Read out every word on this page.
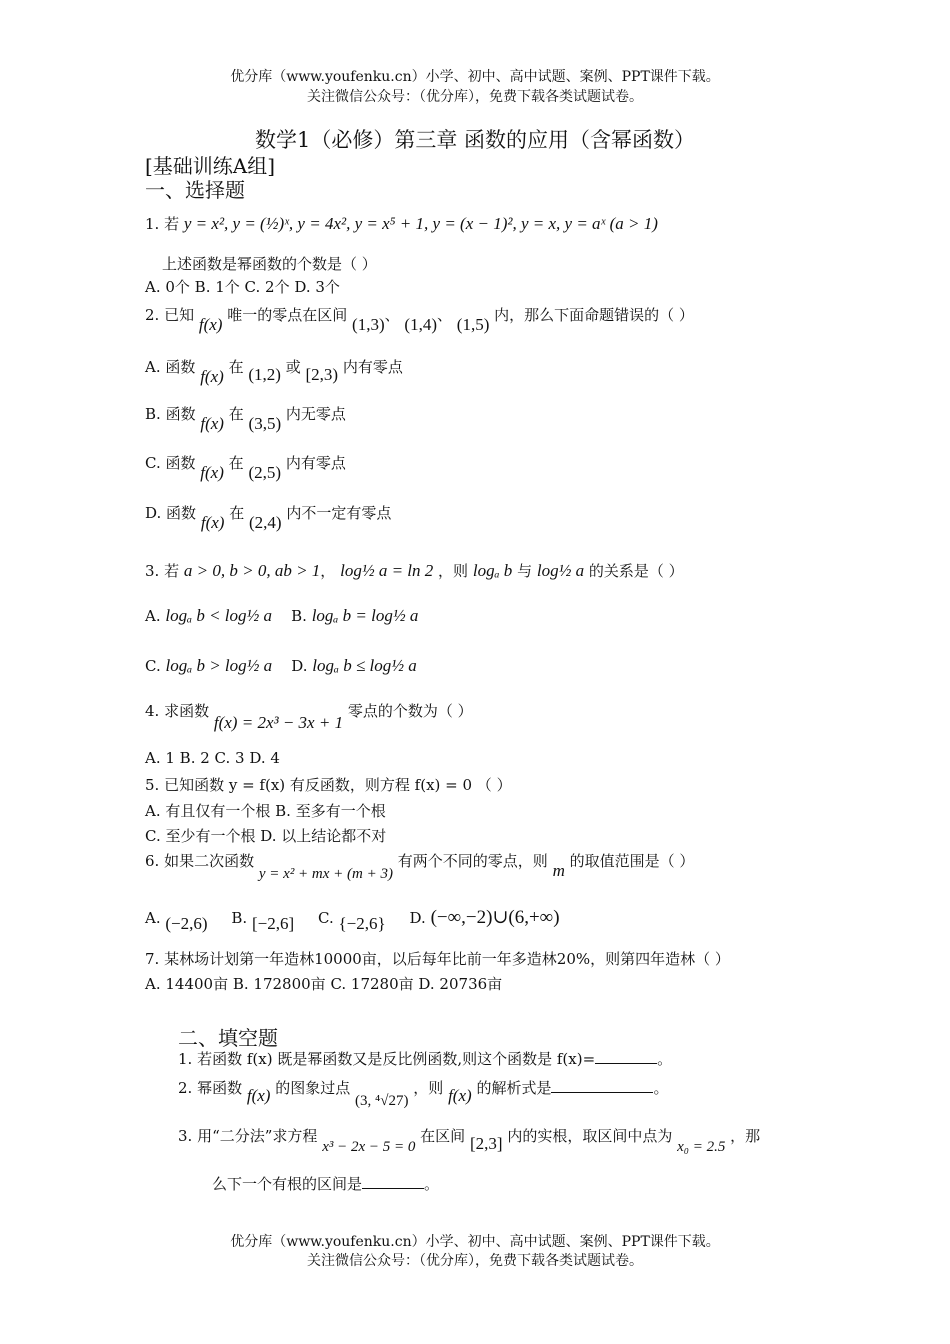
优分库（www.youfenku.cn）小学、初中、高中试题、案例、PPT课件下载。
关注微信公众号：（优分库），免费下载各类试题试卷。
数学1（必修）第三章 函数的应用（含幂函数）
[基础训练A组]
一、选择题
1. 若 y = x², y = (½)ˣ, y = 4x², y = x⁵ + 1, y = (x − 1)², y = x, y = aˣ (a > 1)
上述函数是幂函数的个数是（ ）
A. 0个 B. 1个 C. 2个 D. 3个
2. 已知 f(x) 唯一的零点在区间 (1,3)、 (1,4)、 (1,5) 内，那么下面命题错误的（ ）
A. 函数 f(x) 在 (1,2) 或 [2,3) 内有零点
B. 函数 f(x) 在 (3,5) 内无零点
C. 函数 f(x) 在 (2,5) 内有零点
D. 函数 f(x) 在 (2,4) 内不一定有零点
3. 若 a > 0, b > 0, ab > 1， log½ a = ln 2 ，则 logₐ b 与 log½ a 的关系是（ ）
A. logₐ b < log½ a B. logₐ b = log½ a
C. logₐ b > log½ a D. logₐ b ≤ log½ a
4. 求函数 f(x) = 2x³ − 3x + 1 零点的个数为（ ）
A. 1 B. 2 C. 3 D. 4
5. 已知函数 y = f(x) 有反函数，则方程 f(x) = 0 （ ）
A. 有且仅有一个根 B. 至多有一个根
C. 至少有一个根 D. 以上结论都不对
6. 如果二次函数 y = x² + mx + (m + 3) 有两个不同的零点，则 m 的取值范围是（ ）
A. (−2,6) B. [−2,6] C. {−2,6} D. (−∞,−2)∪(6,+∞)
7. 某林场计划第一年造林10000亩，以后每年比前一年多造林20%，则第四年造林（ ）
A. 14400亩 B. 172800亩 C. 17280亩 D. 20736亩
二、填空题
1. 若函数 f(x) 既是幂函数又是反比例函数,则这个函数是 f(x)=	。
2. 幂函数 f(x) 的图象过点 (3, ⁴√27) ，则 f(x) 的解析式是	。
3. 用“二分法”求方程 x³ − 2x − 5 = 0 在区间 [2,3] 内的实根，取区间中点为 x₀ = 2.5 ，那
么下一个有根的区间是	。
优分库（www.youfenku.cn）小学、初中、高中试题、案例、PPT课件下载。
关注微信公众号：（优分库），免费下载各类试题试卷。
